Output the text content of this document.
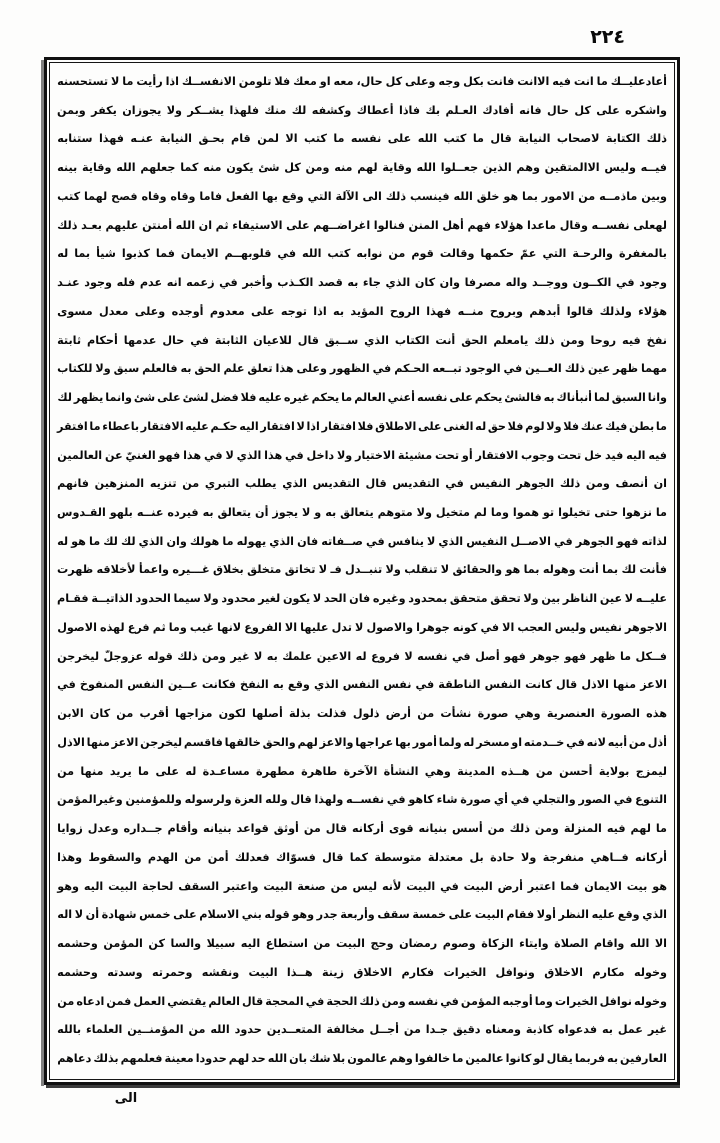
٤٢٢
أعادعليــك
ما
انت
فيه
الاانت
فانت
بكل
وجه
وعلى
كل
حال،
معه
او
معك
فلا
تلومن
الانفســك
اذا
رأيت
ما
لا
تستحسنه
واشكره
على
كل
حال
فانه
أفادك
العـلم
بك
فاذا
أعطاك
وكشفه
لك
منك
فلهذا
يشــكر
ولا
يجوزان
يكفر
وبمن
ذلك
الكتابة
لاصحاب
النيابة
قال
ما
كتب
الله
على
نفسه
ما
كتب
الا
لمن
قام
بحـق
النيابة
عنـه
فهذا
ستنابه
فيــه
وليس
الاالمتقين
وهم
الذين
جعــلوا
الله
وقاية
لهم
منه
ومن
كل
شئ
يكون
منه
كما
جعلهم
الله
وقاية
بينه
وبين
ماذمــه
من
الامور
بما
هو
خلق
الله
فينسب
ذلك
الى
الآلة
التي
وقع
بها
الفعل
فاما
وقاه
وقاه
فصح
لهما
كتب
لهعلى
نفســه
وقال
ماعدا
هؤلاء
فهم
أهل
المنن
فنالوا
اغراضــهم
على
الاستيفاء
ثم
ان
الله
أمنتن
عليهم
بعـد
ذلك
بالمغفرة
والرحـة
التي
عمّ
حكمها
وقالت
قوم
من
نوابه
كتب
الله
في
قلوبهــم
الايمان
فما
كذبوا
شيأ
بما
له
وجود
في
الكــون
ووجــد
واله
مصرفا
وان
كان
الذي
جاء
به
قصد
الكـذب
وأخبر
في
زعمه
انه
عدم
فله
وجود
عنـد
هؤلاء
ولذلك
قالوا
أبدهم
وبروح
منــه
فهذا
الروح
المؤيد
به
اذا
توجه
على
معدوم
أوجده
وعلى
معدل
مسوى
نفخ
فيه
روحا
ومن
ذلك
يامعلم
الحق
أنت
الكتاب
الذي
ســبق
قال
للاعيان
الثابتة
في
حال
عدمها
أحكام
ثابتة
مهما
ظهر
عين
ذلك
العــين
في
الوجود
تبــعه
الحـكم
في
الظهور
وعلى
هذا
تعلق
علم
الحق
به
فالعلم
سبق
ولا
للكتاب
وانا
السبق
لما
أنبأناك
به
فالشئ
يحكم
على
نفسه
أعني
العالم
ما
يحكم
غيره
عليه
فلا
فضل
لشئ
على
شئ
وانما
يظهر
لك
ما
بطن
فيك
عنك
فلا
ولا
لوم
فلا
حق
له
الغنى
على
الاطلاق
فلا
افتقار
اذا
لا
افتقار
اليه
حكـم
عليه
الافتقار
باعطاء
ما
افتقر
فيه
اليه
فيد
خل
تحت
وجوب
الافتقار
أو
تحت
مشيئة
الاختيار
ولا
داخل
في
هذا
الذي
لا
في
هذا
فهو
الغنيّ
عن
العالمين
ان
أنصف
ومن
ذلك
الجوهر
النفيس
في
التقديس
قال
التقديس
الذي
يطلب
التبري
من
تنزيه
المنزهين
فانهم
ما
نزهوا
حتى
تخيلوا
تو
هموا
وما
لم
متخيل
ولا
متوهم
يتعالق
به
و
لا
يجوز
أن
يتعالق
به
فيرده
عنــه
بلهو
القـدوس
لذاته
فهو
الجوهر
في
الاصــل
النفيس
الذي
لا
ينافس
في
صــفاته
فان
الذي
يهوله
ما
هولك
وان
الذي
لك
لك
ما
هو
له
فأنت
لك
بما
أنت
وهوله
بما
هو
والحقائق
لا
تنقلب
ولا
تنبــدل
فـ
لا
تخاتق
متخلق
بخلاق
غـــيره
واعمأ
لأخلاقه
ظهرت
عليــه
لا
عين
الناظر
بين
ولا
تحقق
متحقق
بمحدود
وغيره
فان
الحد
لا
يكون
لغير
محدود
ولا
سيما
الحدود
الذاتيــة
فقـام
الاجوهر
نفيس
وليس
العجب
الا
في
كونه
جوهرا
والاصول
لا
تدل
عليها
الا
الفروع
لانها
غيب
وما
ثم
فرع
لهذه
الاصول
فــكل
ما
ظهر
فهو
جوهر
فهو
أصل
في
نفسه
لا
فروع
له
الاعين
علمك
به
لا
غير
ومن
ذلك
قوله
عزوجلّ
ليخرجن
الاعز
منها
الاذل
قال
كانت
النفس
الناطقة
في
نفس
النفس
الذي
وقع
به
النفخ
فكانت
عــين
النفس
المنفوخ
في
هذه
الصورة
العنصرية
وهي
صورة
نشأت
من
أرض
ذلول
فذلت
بذلة
أصلها
لكون
مزاجها
أقرب
من
كان
الابن
أذل
من
أبيه
لانه
في
خــدمته
او
مسخر
له
ولما
أمور
بها
عراجها
والاعز
لهم
والحق
خالقها
فاقسم
ليخرجن
الاعز
منها
الاذل
ليمزج
بولاية
أحسن
من
هــذه
المدينة
وهي
النشأة
الآخرة
طاهرة
مطهرة
مساعـدة
له
على
ما
يريد
منها
من
التنوع
في
الصور
والتجلي
في
أي
صورة
شاء
كاهو
في
نفســه
ولهذا
قال
ولله
العزة
ولرسوله
وللمؤمنين
وغيرالمؤمن
ما
لهم
فيه
المنزلة
ومن
ذلك
من
أسس
بنيانه
قوى
أركانه
قال
من
أوثق
قواعد
بنيانه
وأقام
جــداره
وعدل
زوايا
أركانه
فــاهي
منفرجة
ولا
حادة
بل
معتدلة
متوسطة
كما
قال
فسوّاك
فعدلك
أمن
من
الهدم
والسقوط
وهذا
هو
بيت
الايمان
فما
اعتبر
أرض
البيت
في
البيت
لأنه
ليس
من
صنعة
البيت
واعتبر
السقف
لحاجة
البيت
اليه
وهو
الذي
وقع
عليه
النظر
أولا
فقام
البيت
على
خمسة
سقف
وأربعة
جدر
وهو
قوله
بني
الاسلام
على
خمس
شهادة
أن
لا
اله
الا
الله
واقام
الصلاة
وايتاء
الزكاة
وصوم
رمضان
وحج
البيت
من
استطاع
اليه
سبيلا
والسا
كن
المؤمن
وحشمه
وخوله
مكارم
الاخلاق
ونوافل
الخيرات
فكارم
الاخلاق
زينة
هــذا
البيت
ونقشه
وحمرته
وسدته
وحشمه
وخوله
نوافل
الخيرات
وما
أوجبه
المؤمن
في
نفسه
ومن
ذلك
الحجة
في
المحجة
قال
العالم
يقتضي
العمل
فمن
ادعاه
من
غير
عمل
به
فدعواه
كاذبة
ومعناه
دقيق
جـدا
من
أجــل
مخالفة
المتعــدين
حدود
الله
من
المؤمنــين
العلماء
بالله
العارفين
به
فربما
يقال
لو
كانوا
عالمين
ما
خالفوا
وهم
عالمون
بلا
شك
بان
الله
حد
لهم
حدودا
معينة
فعلمهم
بذلك
دعاهم
الى
